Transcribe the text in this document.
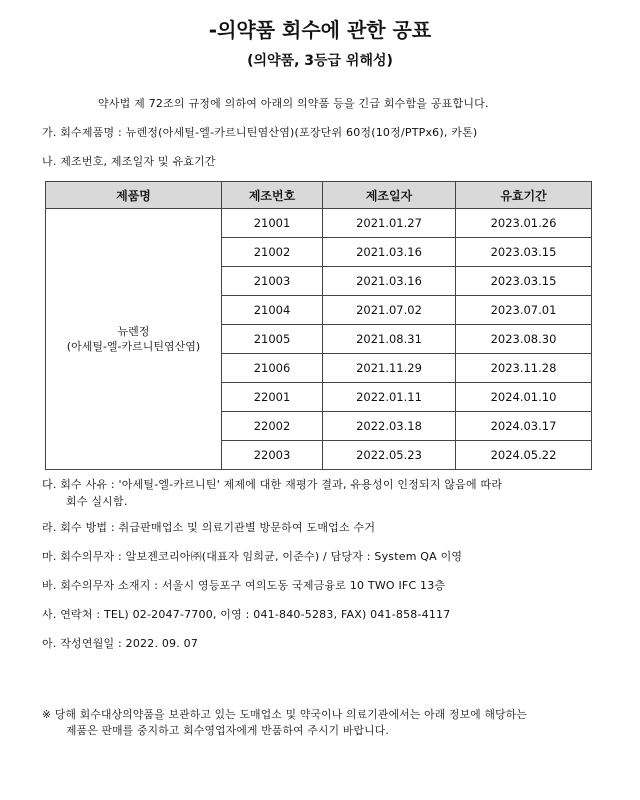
-의약품 회수에 관한 공표
(의약품, 3등급 위해성)
약사법 제 72조의 규정에 의하여 아래의 의약품 등을 긴급 회수함을 공표합니다.
가. 회수제품명 : 뉴렌정(아세틸-엘-카르니틴염산염)(포장단위 60정(10정/PTPx6), 카톤)
나. 제조번호, 제조일자 및 유효기간
제품명	제조번호	제조일자	유효기간

뉴렌정
(아세틸-엘-카르니틴염산염)	21001	2021.01.27	2023.01.26
	21002	2021.03.16	2023.03.15
	21003	2021.03.16	2023.03.15
	21004	2021.07.02	2023.07.01
	21005	2021.08.31	2023.08.30
	21006	2021.11.29	2023.11.28
	22001	2022.01.11	2024.01.10
	22002	2022.03.18	2024.03.17
	22003	2022.05.23	2024.05.22
다. 회수 사유 : '아세틸-엘-카르니틴' 제제에 대한 재평가 결과, 유용성이 인정되지 않음에 따라
회수 실시함.
라. 회수 방법 : 취급판매업소 및 의료기관별 방문하여 도매업소 수거
마. 회수의무자 : 알보젠코리아㈜(대표자 임희균, 이준수) / 담당자 : System QA 이영
바. 회수의무자 소재지 : 서울시 영등포구 여의도동 국제금융로 10 TWO IFC 13층
사. 연락처 : TEL) 02-2047-7700, 이영 : 041-840-5283, FAX) 041-858-4117
아. 작성연월일 : 2022. 09. 07
※ 당해 회수대상의약품을 보관하고 있는 도매업소 및 약국이나 의료기관에서는 아래 정보에 해당하는
제품은 판매를 중지하고 회수영업자에게 반품하여 주시기 바랍니다.
